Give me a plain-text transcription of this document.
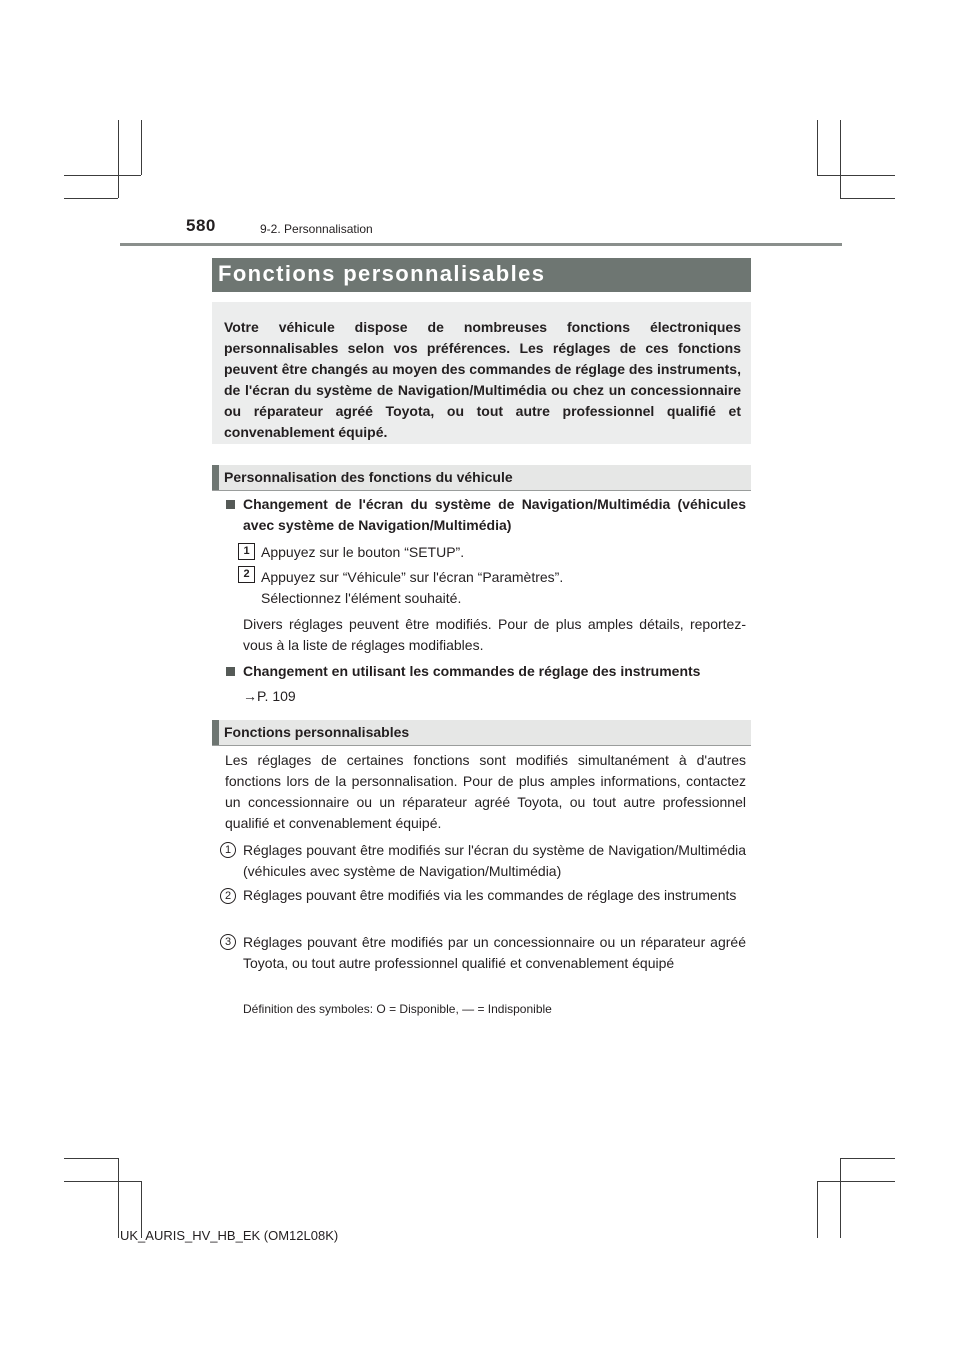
580	9-2. Personnalisation
Fonctions personnalisables

Votre véhicule dispose de nombreuses fonctions électroniques personnalisables selon vos préférences. Les réglages de ces fonctions peuvent être changés au moyen des commandes de réglage des instruments, de l'écran du système de Navigation/Multimédia ou chez un concessionnaire ou réparateur agréé Toyota, ou tout autre professionnel qualifié et convenablement équipé.

Personnalisation des fonctions du véhicule
Changement de l'écran du système de Navigation/Multimédia (véhicules avec système de Navigation/Multimédia)
1 Appuyez sur le bouton “SETUP”.
2 Appuyez sur “Véhicule” sur l'écran “Paramètres”.
Sélectionnez l'élément souhaité.
Divers réglages peuvent être modifiés. Pour de plus amples détails, reportez-vous à la liste de réglages modifiables.
Changement en utilisant les commandes de réglage des instruments
→P. 109
Fonctions personnalisables
Les réglages de certaines fonctions sont modifiés simultanément à d'autres fonctions lors de la personnalisation. Pour de plus amples informations, contactez un concessionnaire ou un réparateur agréé Toyota, ou tout autre professionnel qualifié et convenablement équipé.
1 Réglages pouvant être modifiés sur l'écran du système de Navigation/Multimédia (véhicules avec système de Navigation/Multimédia)
2 Réglages pouvant être modifiés via les commandes de réglage des instruments
3 Réglages pouvant être modifiés par un concessionnaire ou un réparateur agréé Toyota, ou tout autre professionnel qualifié et convenablement équipé
Définition des symboles: O = Disponible, — = Indisponible
UK_AURIS_HV_HB_EK (OM12L08K)
